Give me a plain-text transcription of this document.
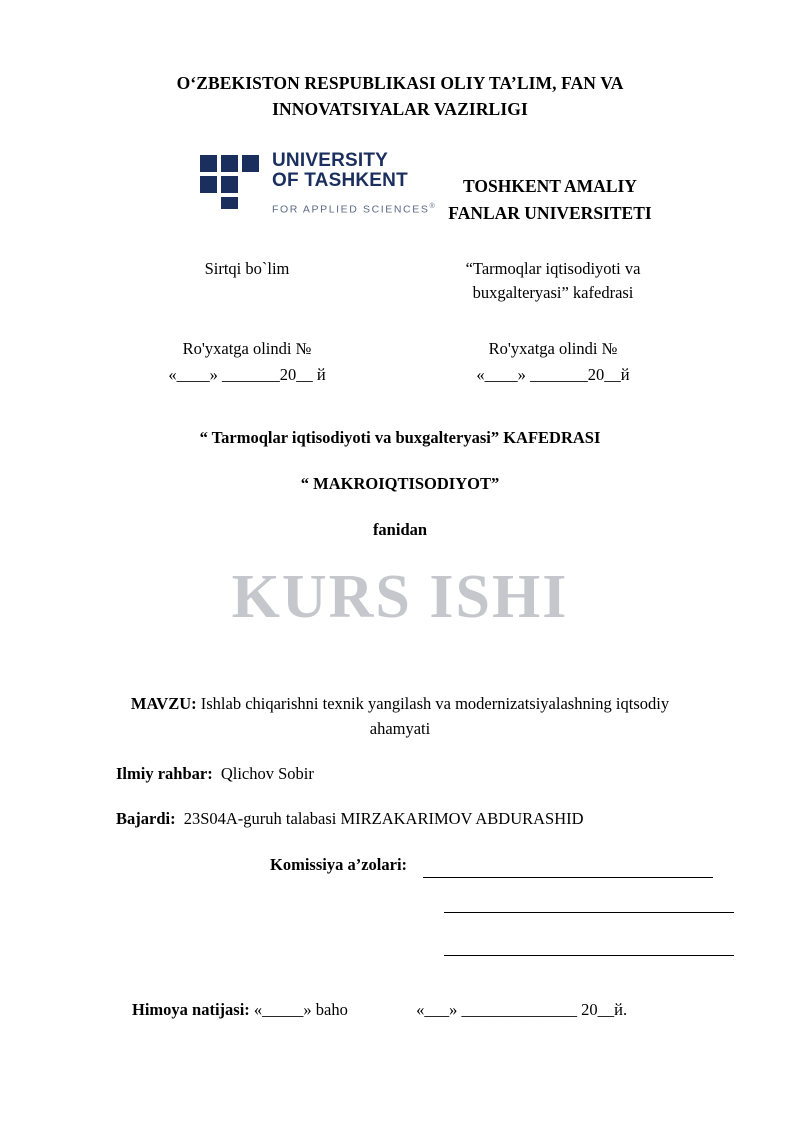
O‘ZBEKISTON RESPUBLIKASI OLIY TA’LIM, FAN VA
INNOVATSIYALAR VAZIRLIGI
UNIVERSITY
OF TASHKENT
FOR APPLIED SCIENCES®
TOSHKENT AMALIY
FANLAR UNIVERSITETI
Sirtqi bo`lim	“Tarmoqlar iqtisodiyoti va
buxgalteryasi” kafedrasi
Ro'yxatga olindi №	Ro'yxatga olindi №
«____» _______20__ й	«____» _______20__й
“ Tarmoqlar iqtisodiyoti va buxgalteryasi” KAFEDRASI
“ MAKROIQTISODIYOT”
fanidan
KURS ISHI
MAVZU: Ishlab chiqarishni texnik yangilash va modernizatsiyalashning iqtsodiy ahamyati
Ilmiy rahbar: Qlichov Sobir
Bajardi: 23S04A-guruh talabasi MIRZAKARIMOV ABDURASHID
Komissiya a’zolari:
Himoya natijasi: «_____» baho	«___» ______________ 20__й.
